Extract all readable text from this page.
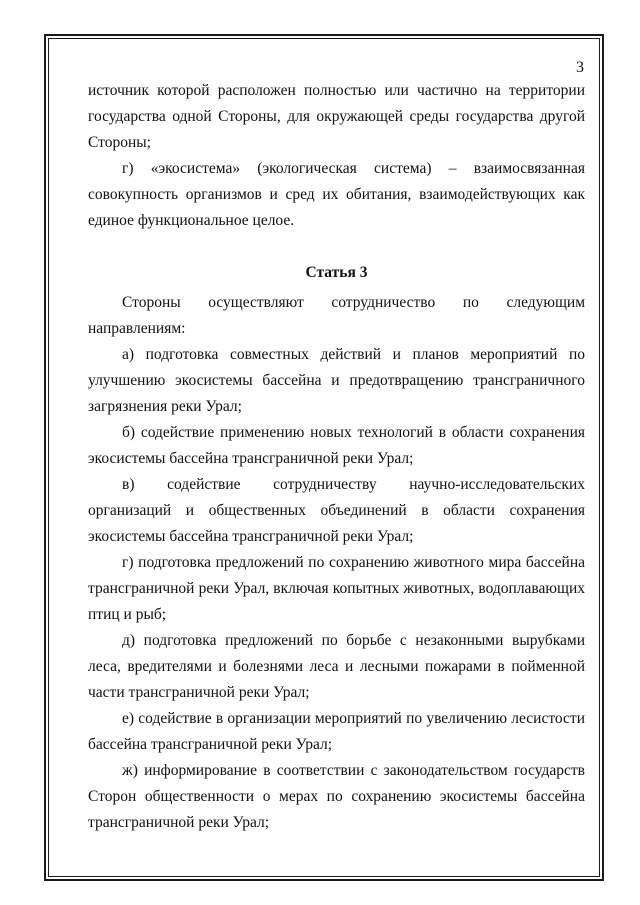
3

источник которой расположен полностью или частично на территории государства одной Стороны, для окружающей среды государства другой Стороны;

г) «экосистема» (экологическая система) – взаимосвязанная совокупность организмов и сред их обитания, взаимодействующих как единое функциональное целое.

Статья 3

Стороны осуществляют сотрудничество по следующим направлениям:

а) подготовка совместных действий и планов мероприятий по улучшению экосистемы бассейна и предотвращению трансграничного загрязнения реки Урал;

б) содействие применению новых технологий в области сохранения экосистемы бассейна трансграничной реки Урал;

в) содействие сотрудничеству научно-исследовательских организаций и общественных объединений в области сохранения экосистемы бассейна трансграничной реки Урал;

г) подготовка предложений по сохранению животного мира бассейна трансграничной реки Урал, включая копытных животных, водоплавающих птиц и рыб;

д) подготовка предложений по борьбе с незаконными вырубками леса, вредителями и болезнями леса и лесными пожарами в пойменной части трансграничной реки Урал;

е) содействие в организации мероприятий по увеличению лесистости бассейна трансграничной реки Урал;

ж) информирование в соответствии с законодательством государств Сторон общественности о мерах по сохранению экосистемы бассейна трансграничной реки Урал;
